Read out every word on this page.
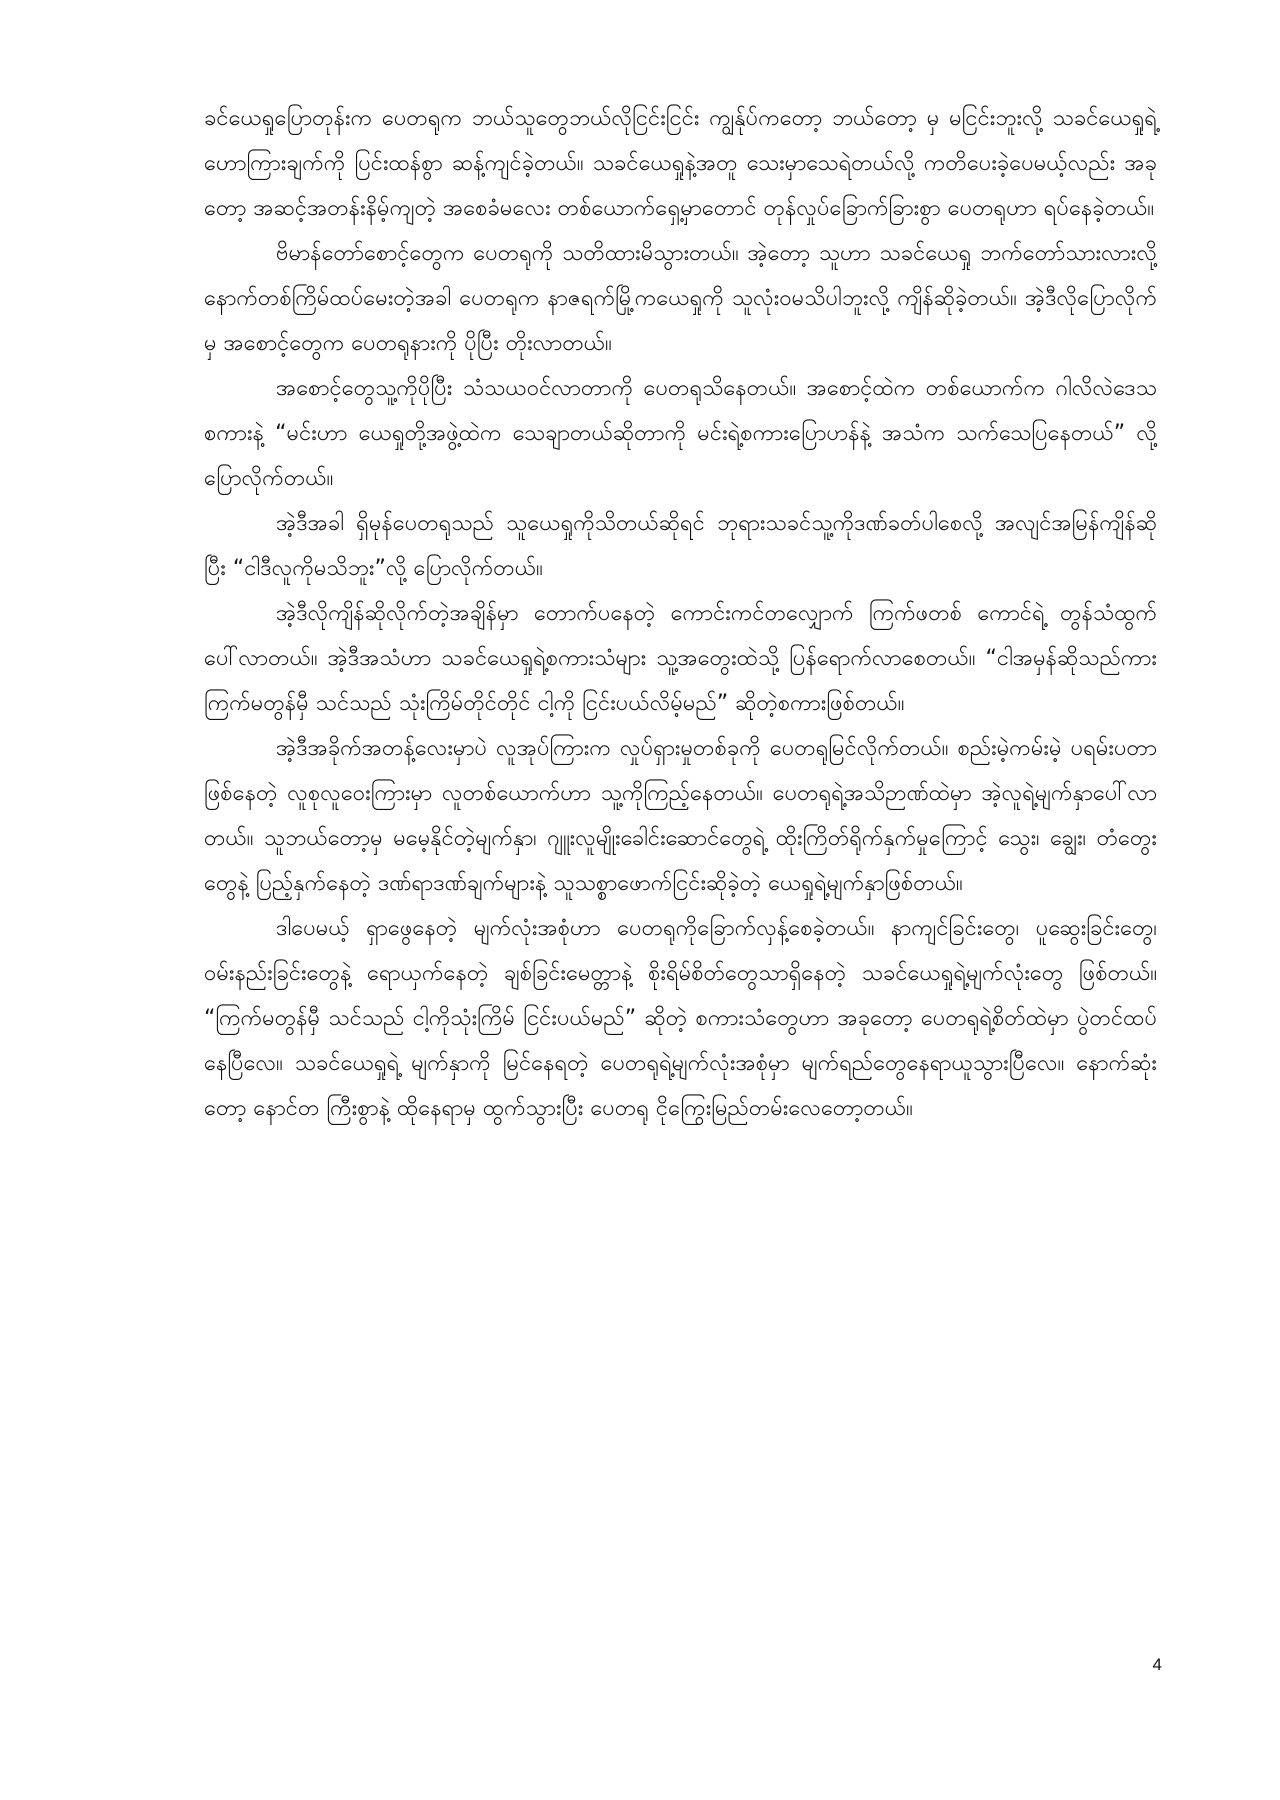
ခင်ယေရှုပြောတုန်းက ပေတရုက ဘယ်သူတွေဘယ်လိုငြင်းငြင်း ကျွန်ုပ်ကတော့ ဘယ်တော့ မှ မငြင်းဘူးလို့ သခင်ယေရှုရဲ့ ဟောကြားချက်ကို ပြင်းထန်စွာ ဆန့်ကျင်ခဲ့တယ်။ သခင်ယေရှုနဲ့အတူ သေးမှာသေရဲတယ်လို့ ကတိပေးခဲ့ပေမယ့်လည်း အခုတော့ အဆင့်အတန်းနိမ့်ကျတဲ့ အစေခံမလေး တစ်ယောက်ရှေ့မှာတောင် တုန်လှုပ်ခြောက်ခြားစွာ ပေတရုဟာ ရပ်နေခဲ့တယ်။

ဗိမာန်တော်စောင့်တွေက ပေတရုကို သတိထားမိသွားတယ်။ အဲ့တော့ သူဟာ သခင်ယေရှု ဘက်တော်သားလားလို့ နောက်တစ်ကြိမ်ထပ်မေးတဲ့အခါ ပေတရုက နာဇရက်မြို့ကယေရှုကို သူလုံးဝမသိပါဘူးလို့ ကျိန်ဆိုခဲ့တယ်။ အဲ့ဒီလိုပြောလိုက်မှ အစောင့်တွေက ပေတရုနားကို ပိုပြီး တိုးလာတယ်။

အစောင့်တွေသူ့ကိုပိုပြီး သံသယဝင်လာတာကို ပေတရုသိနေတယ်။ အစောင့်ထဲက တစ်ယောက်က ဂါလိလဲဒေသစကားနဲ့ “မင်းဟာ ယေရှုတို့အဖွဲ့ထဲက သေချာတယ်ဆိုတာကို မင်းရဲ့စကားပြောပာန်နဲ့ အသံက သက်သေပြနေတယ်” လို့ပြောလိုက်တယ်။

အဲ့ဒီအခါ ရှိမုန်ပေတရုသည် သူယေရှုကိုသိတယ်ဆိုရင် ဘုရားသခင်သူ့ကိုဒဏ်ခတ်ပါစေလို့ အလျင်အမြန်ကျိန်ဆိုပြီး “ငါဒီလူကိုမသိဘူး”လို့ ပြောလိုက်တယ်။

အဲ့ဒီလိုကျိန်ဆိုလိုက်တဲ့အချိန်မှာ တောက်ပနေတဲ့ ကောင်းကင်တလျှောက် ကြက်ဖတစ် ကောင်ရဲ့ တွန်သံထွက်ပေါ်လာတယ်။ အဲ့ဒီအသံဟာ သခင်ယေရှုရဲ့စကားသံများ သူ့အတွေးထဲသို့ ပြန်ရောက်လာစေတယ်။ “ငါအမှန်ဆိုသည်ကား ကြက်မတွန်မှီ သင်သည် သုံးကြိမ်တိုင်တိုင် ငါ့ကို ငြင်းပယ်လိမ့်မည်” ဆိုတဲ့စကားဖြစ်တယ်။

အဲ့ဒီအခိုက်အတန့်လေးမှာပဲ လူအုပ်ကြားက လှုပ်ရှားမှုတစ်ခုကို ပေတရုမြင်လိုက်တယ်။ စည်းမဲ့ကမ်းမဲ့ ပရမ်းပတာဖြစ်နေတဲ့ လူစုလူဝေးကြားမှာ လူတစ်ယောက်ဟာ သူ့ကိုကြည့်နေတယ်။ ပေတရုရဲ့အသိဉာဏ်ထဲမှာ အဲ့လူရဲ့မျက်နှာပေါ်လာတယ်။ သူဘယ်တော့မှ မမေ့နိုင်တဲ့မျက်နှာ၊ ဂျူးလူမျိုးခေါင်းဆောင်တွေရဲ့ ထိုးကြိတ်ရိုက်နှက်မှုကြောင့် သွေး၊ ချွေး၊ တံတွေးတွေနဲ့ ပြည့်နှက်နေတဲ့ ဒဏ်ရာဒဏ်ချက်များနဲ့ သူသစ္စာဖောက်ငြင်းဆိုခဲ့တဲ့ ယေရှုရဲ့မျက်နှာဖြစ်တယ်။

ဒါပေမယ့် ရှာဖွေနေတဲ့ မျက်လုံးအစုံဟာ ပေတရုကိုခြောက်လှန့်စေခဲ့တယ်။ နာကျင်ခြင်းတွေ၊ ပူဆွေးခြင်းတွေ၊ ဝမ်းနည်းခြင်းတွေနဲ့ ရောယှက်နေတဲ့ ချစ်ခြင်းမေတ္တာနဲ့ စိုးရိမ်စိတ်တွေသာရှိနေတဲ့ သခင်ယေရှုရဲ့မျက်လုံးတွေ ဖြစ်တယ်။ “ကြက်မတွန်မှီ သင်သည် ငါ့ကိုသုံးကြိမ် ငြင်းပယ်မည်” ဆိုတဲ့ စကားသံတွေဟာ အခုတော့ ပေတရုရဲ့စိတ်ထဲမှာ ပွဲတင်ထပ်နေပြီလေ။ သခင်ယေရှုရဲ့ မျက်နှာကို မြင်နေရတဲ့ ပေတရုရဲ့မျက်လုံးအစုံမှာ မျက်ရည်တွေနေရာယူသွားပြီလေ။ နောက်ဆုံးတော့ နောင်တ ကြီးစွာနဲ့ ထိုနေရာမှ ထွက်သွားပြီး ပေတရု ငိုကြွေးမြည်တမ်းလေတော့တယ်။

4
